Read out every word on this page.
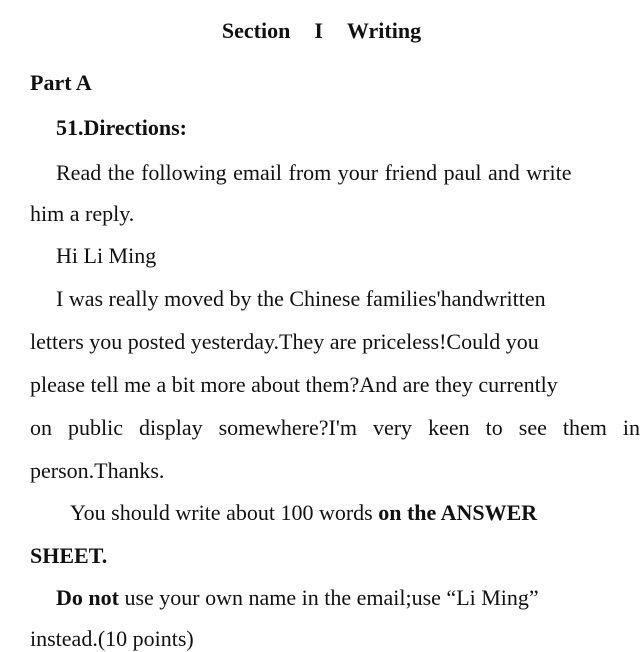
Section I Writing
Part A
51.Directions:
Read the following email from your friend paul and write
him a reply.
Hi Li Ming
I was really moved by the Chinese families'handwritten
letters you posted yesterday.They are priceless!Could you
please tell me a bit more about them?And are they currently
on public display somewhere?I'm very keen to see them in
person.Thanks.
You should write about 100 words on the ANSWER
SHEET.
Do not use your own name in the email;use “Li Ming”
instead.(10 points)
